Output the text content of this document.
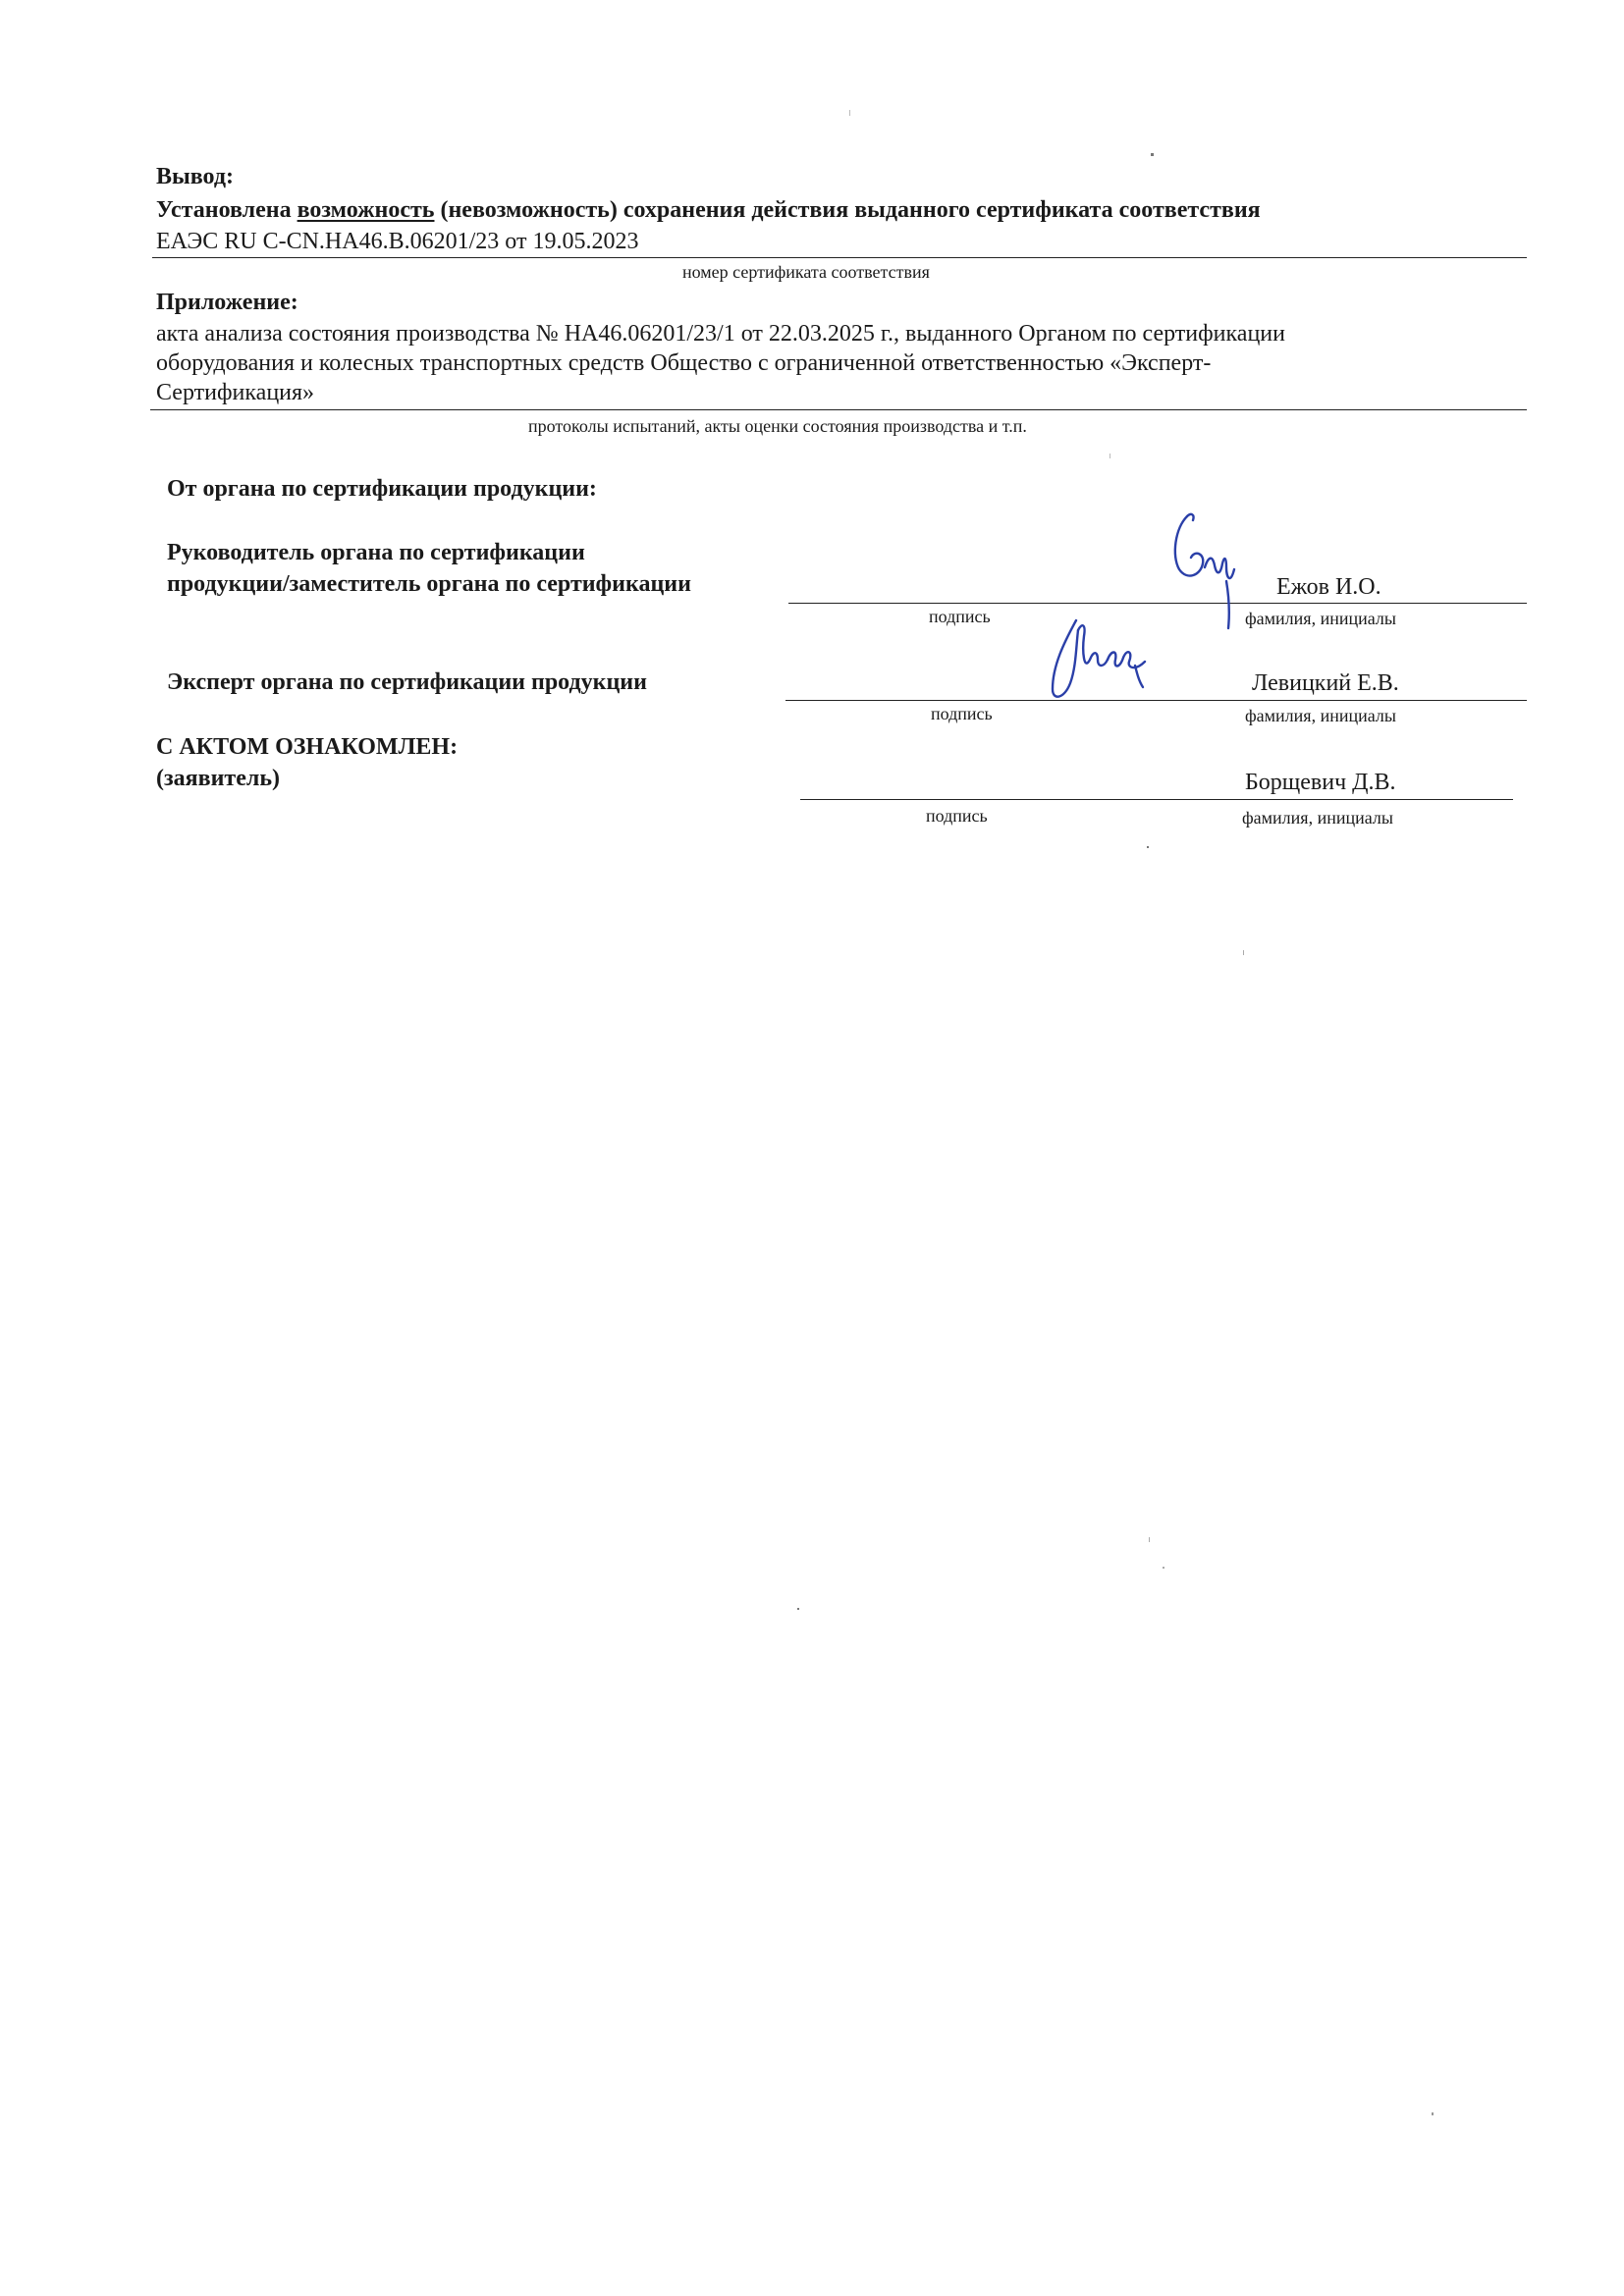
Вывод:
Установлена возможность (невозможность) сохранения действия выданного сертификата соответствия
ЕАЭС RU C-CN.НА46.В.06201/23 от 19.05.2023
номер сертификата соответствия
Приложение:
акта анализа состояния производства № НА46.06201/23/1 от 22.03.2025 г., выданного Органом по сертификации
оборудования и колесных транспортных средств Общество с ограниченной ответственностью «Эксперт-
Сертификация»
протоколы испытаний, акты оценки состояния производства и т.п.
От органа по сертификации продукции:
Руководитель органа по сертификации
продукции/заместитель органа по сертификации	Ежов И.О.
подпись	фамилия, инициалы
Эксперт органа по сертификации продукции	Левицкий Е.В.
подпись	фамилия, инициалы
С АКТОМ ОЗНАКОМЛЕН:
(заявитель)	Борщевич Д.В.
подпись	фамилия, инициалы
